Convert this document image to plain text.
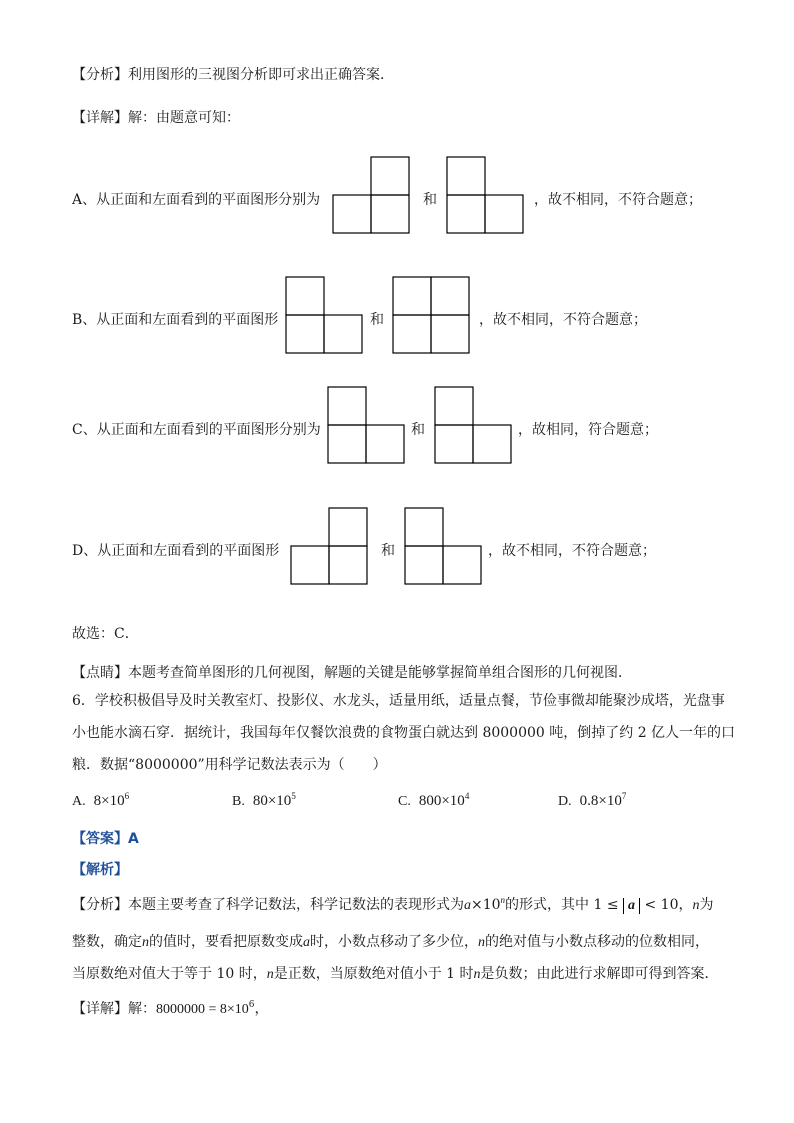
【分析】利用图形的三视图分析即可求出正确答案．
【详解】解：由题意可知：
A、从正面和左面看到的平面图形分别为	和	，故不相同，不符合题意；
B、从正面和左面看到的平面图形	和	，故不相同，不符合题意；
C、从正面和左面看到的平面图形分别为	和	，故相同，符合题意；
D、从正面和左面看到的平面图形	和	，故不相同，不符合题意；
故选：C．
【点睛】本题考查简单图形的几何视图，解题的关键是能够掌握简单组合图形的几何视图．
6．学校积极倡导及时关教室灯、投影仪、水龙头，适量用纸，适量点餐，节俭事微却能聚沙成塔，光盘事
小也能水滴石穿．据统计，我国每年仅餐饮浪费的食物蛋白就达到 8000000 吨，倒掉了约 2 亿人一年的口
粮．数据“8000000”用科学记数法表示为（　　）
A. $8\times 10^6$	B. $80\times 10^5$	C. $800\times 10^4$	D. $0.8\times 10^7$
【答案】A
【解析】
【分析】本题主要考查了科学记数法，科学记数法的表现形式为$a\times 10^n$的形式，其中 1 ≤ a < 10，n为
整数，确定n的值时，要看把原数变成a时，小数点移动了多少位，n的绝对值与小数点移动的位数相同，
当原数绝对值大于等于 10 时，n是正数，当原数绝对值小于 1 时n是负数；由此进行求解即可得到答案．
【详解】解：$8000000 = 8\times 10^6$，
